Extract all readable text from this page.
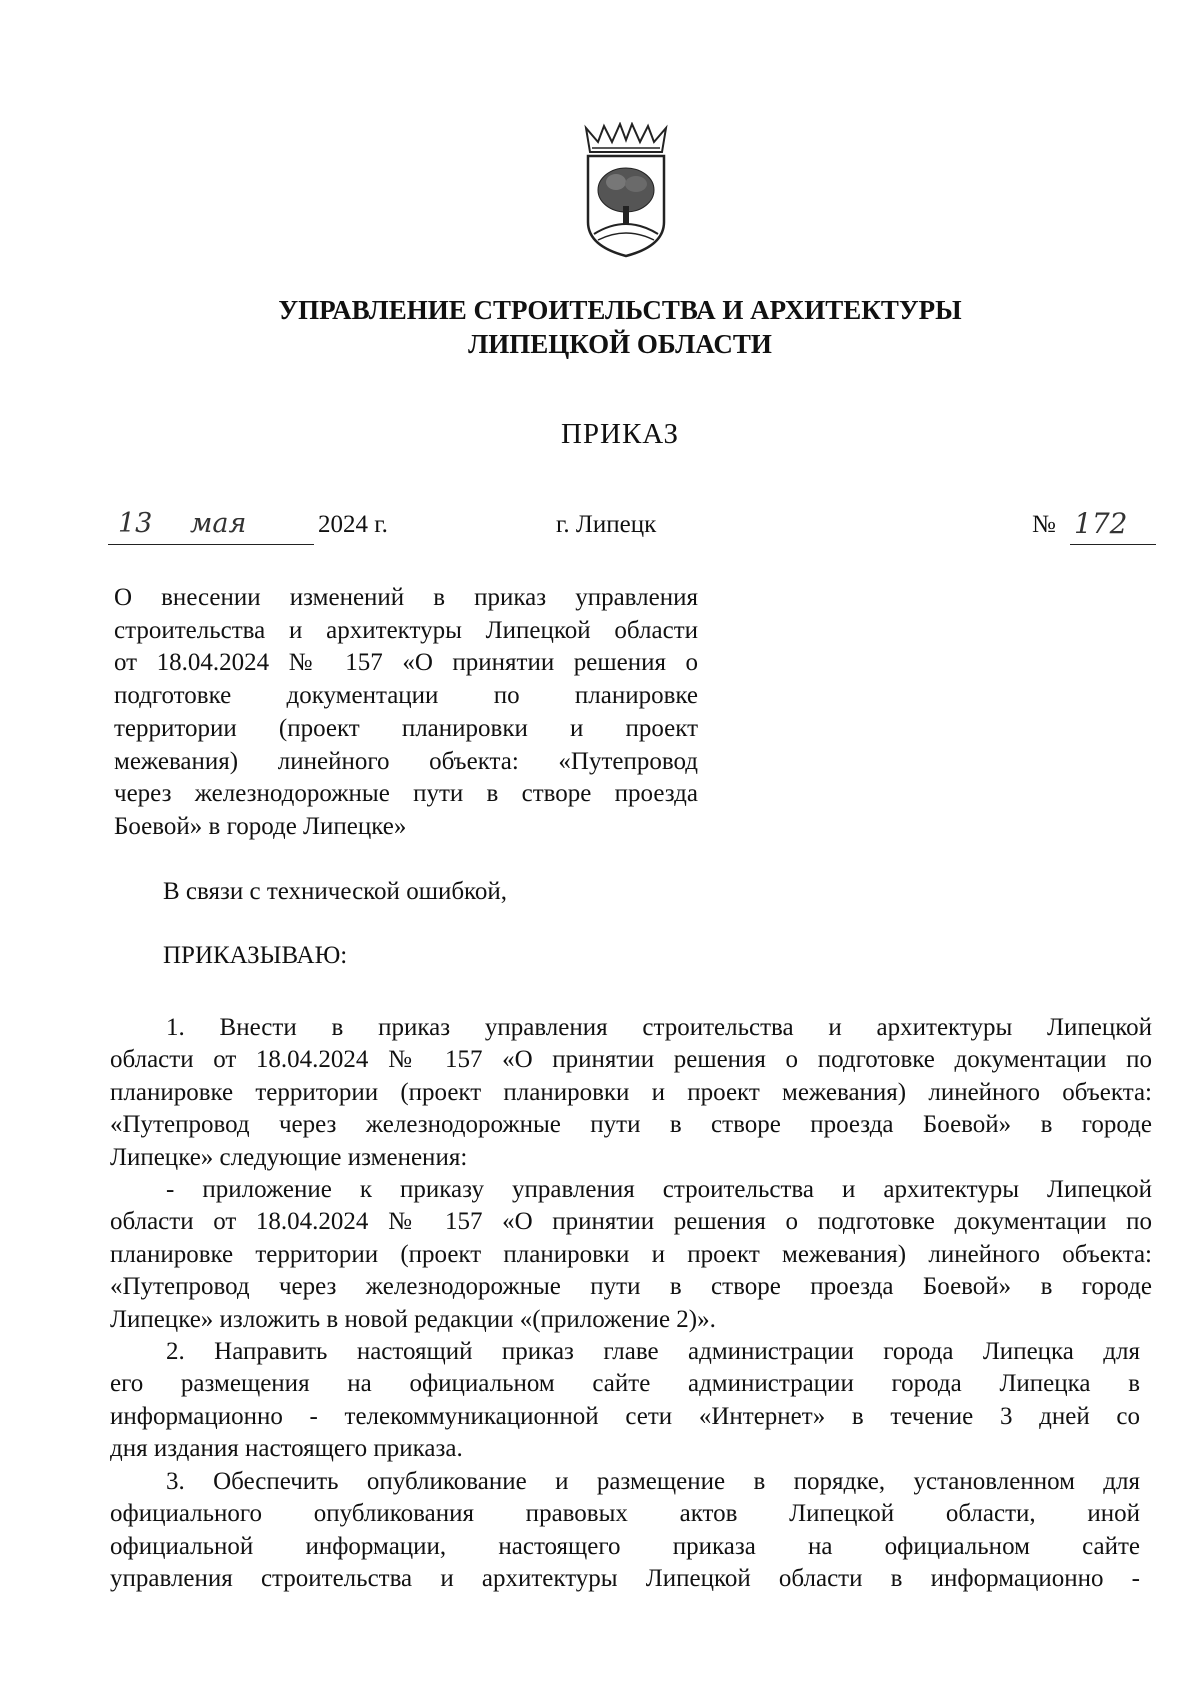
УПРАВЛЕНИЕ СТРОИТЕЛЬСТВА И АРХИТЕКТУРЫ
ЛИПЕЦКОЙ ОБЛАСТИ
ПРИКАЗ
13 мая	2024 г.	г. Липецк	№ 172
О внесении изменений в приказ управления
строительства и архитектуры Липецкой области
от 18.04.2024 № 157 «О принятии решения о
подготовке документации по планировке
территории (проект планировки и проект
межевания) линейного объекта: «Путепровод
через железнодорожные пути в створе проезда
Боевой» в городе Липецке»
В связи с технической ошибкой,
ПРИКАЗЫВАЮ:
1. Внести в приказ управления строительства и архитектуры Липецкой
области от 18.04.2024 № 157 «О принятии решения о подготовке документации по
планировке территории (проект планировки и проект межевания) линейного объекта:
«Путепровод через железнодорожные пути в створе проезда Боевой» в городе
Липецке» следующие изменения:
- приложение к приказу управления строительства и архитектуры Липецкой
области от 18.04.2024 № 157 «О принятии решения о подготовке документации по
планировке территории (проект планировки и проект межевания) линейного объекта:
«Путепровод через железнодорожные пути в створе проезда Боевой» в городе
Липецке» изложить в новой редакции «(приложение 2)».
2. Направить настоящий приказ главе администрации города Липецка для
его размещения на официальном сайте администрации города Липецка в
информационно - телекоммуникационной сети «Интернет» в течение 3 дней со
дня издания настоящего приказа.
3. Обеспечить опубликование и размещение в порядке, установленном для
официального опубликования правовых актов Липецкой области, иной
официальной информации, настоящего приказа на официальном сайте
управления строительства и архитектуры Липецкой области в информационно -
